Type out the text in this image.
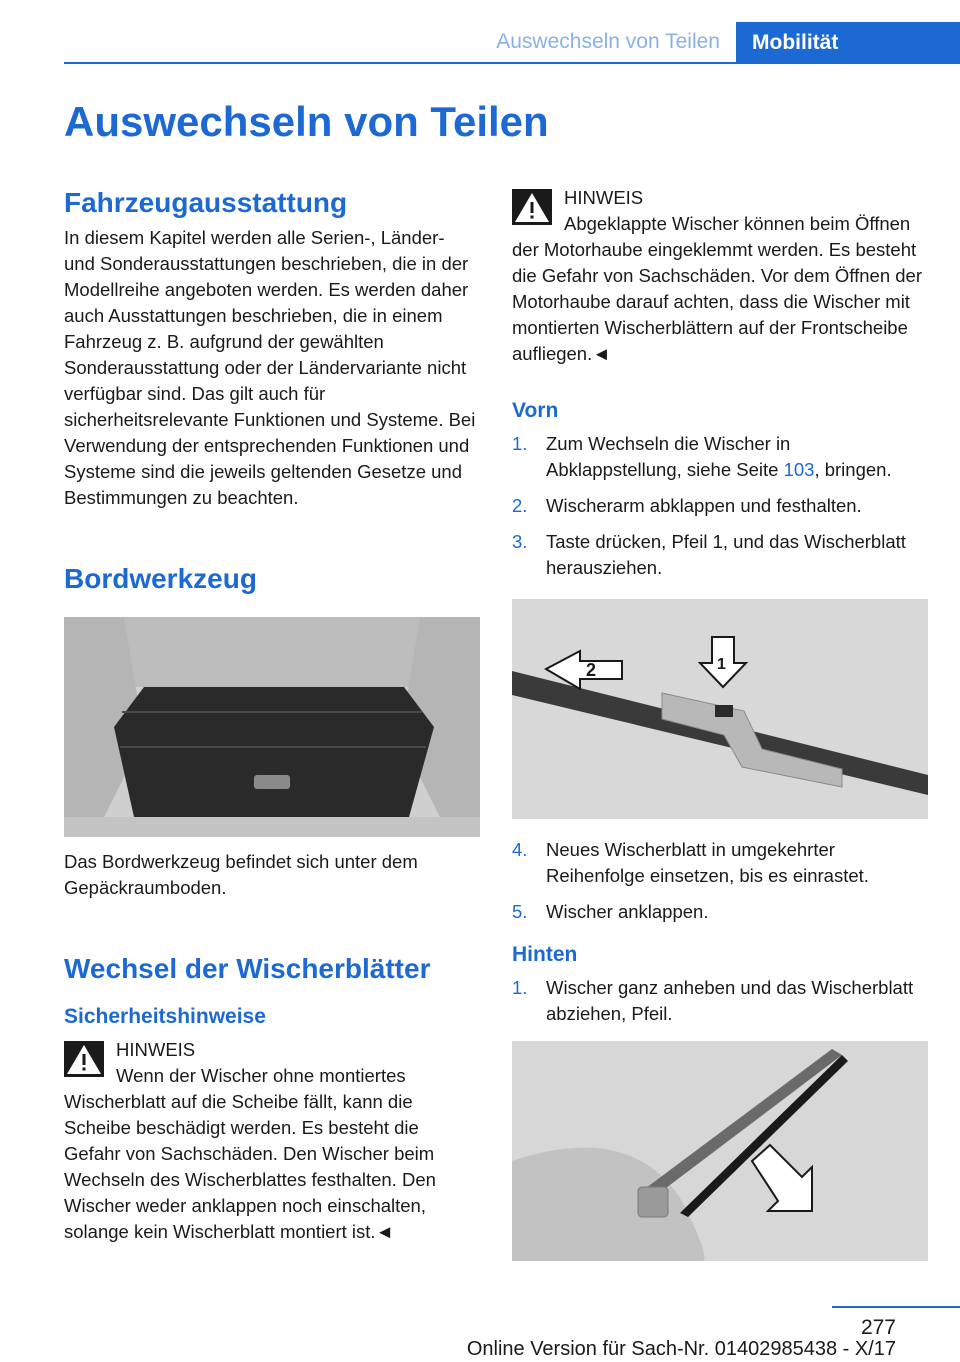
Auswechseln von Teilen	Mobilität
Auswechseln von Teilen
Fahrzeugausstattung

In diesem Kapitel werden alle Serien-, Länder- und Sonderausstattungen beschrieben, die in der Modellreihe angeboten werden. Es werden daher auch Ausstattungen beschrieben, die in einem Fahrzeug z. B. aufgrund der gewählten Sonderausstattung oder der Ländervariante nicht verfügbar sind. Das gilt auch für sicherheitsrelevante Funktionen und Systeme. Bei Verwendung der entsprechenden Funktionen und Systeme sind die jeweils geltenden Gesetze und Bestimmungen zu beachten.

Bordwerkzeug

Das Bordwerkzeug befindet sich unter dem Gepäckraumboden.

Wechsel der Wischerblätter
Sicherheitshinweise

HINWEIS

Wenn der Wischer ohne montiertes Wischerblatt auf die Scheibe fällt, kann die Scheibe beschädigt werden. Es besteht die Gefahr von Sachschäden. Den Wischer beim Wechseln des Wischerblattes festhalten. Den Wischer weder anklappen noch einschalten, solange kein Wischerblatt montiert ist.◄

HINWEIS

Abgeklappte Wischer können beim Öffnen der Motorhaube eingeklemmt werden. Es besteht die Gefahr von Sachschäden. Vor dem Öffnen der Motorhaube darauf achten, dass die Wischer mit montierten Wischerblättern auf der Frontscheibe aufliegen.◄

Vorn
1. Zum Wechseln die Wischer in Abklappstellung, siehe Seite 103, bringen.
2. Wischerarm abklappen und festhalten.
3. Taste drücken, Pfeil 1, und das Wischerblatt herausziehen.
2	1
4. Neues Wischerblatt in umgekehrter Reihenfolge einsetzen, bis es einrastet.
5. Wischer anklappen.
Hinten
1. Wischer ganz anheben und das Wischerblatt abziehen, Pfeil.
277
Online Version für Sach-Nr. 01402985438 - X/17
